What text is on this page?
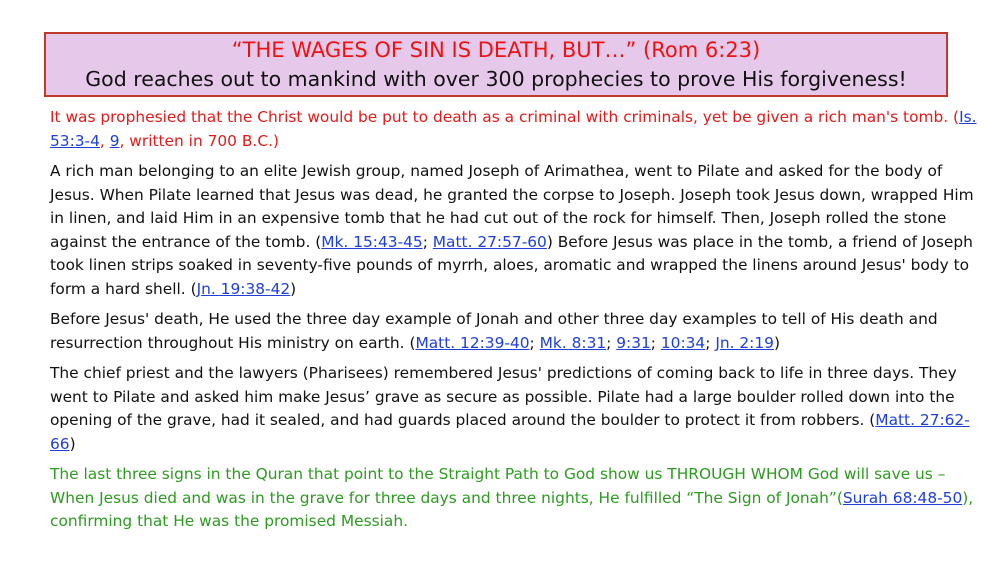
“THE WAGES OF SIN IS DEATH, BUT…” (Rom 6:23)
God reaches out to mankind with over 300 prophecies to prove His forgiveness!

It was prophesied that the Christ would be put to death as a criminal with criminals, yet be given a rich man's tomb. (Is. 53:3-4, 9, written in 700 B.C.)

A rich man belonging to an elite Jewish group, named Joseph of Arimathea, went to Pilate and asked for the body of Jesus. When Pilate learned that Jesus was dead, he granted the corpse to Joseph. Joseph took Jesus down, wrapped Him in linen, and laid Him in an expensive tomb that he had cut out of the rock for himself. Then, Joseph rolled the stone against the entrance of the tomb. (Mk. 15:43-45; Matt. 27:57-60) Before Jesus was place in the tomb, a friend of Joseph took linen strips soaked in seventy-five pounds of myrrh, aloes, aromatic and wrapped the linens around Jesus' body to form a hard shell. (Jn. 19:38-42)

Before Jesus' death, He used the three day example of Jonah and other three day examples to tell of His death and resurrection throughout His ministry on earth. (Matt. 12:39-40; Mk. 8:31; 9:31; 10:34; Jn. 2:19)

The chief priest and the lawyers (Pharisees) remembered Jesus' predictions of coming back to life in three days. They went to Pilate and asked him make Jesus’ grave as secure as possible. Pilate had a large boulder rolled down into the opening of the grave, had it sealed, and had guards placed around the boulder to protect it from robbers. (Matt. 27:62-66)

The last three signs in the Quran that point to the Straight Path to God show us THROUGH WHOM God will save us – When Jesus died and was in the grave for three days and three nights, He fulfilled “The Sign of Jonah”(Surah 68:48-50), confirming that He was the promised Messiah.
